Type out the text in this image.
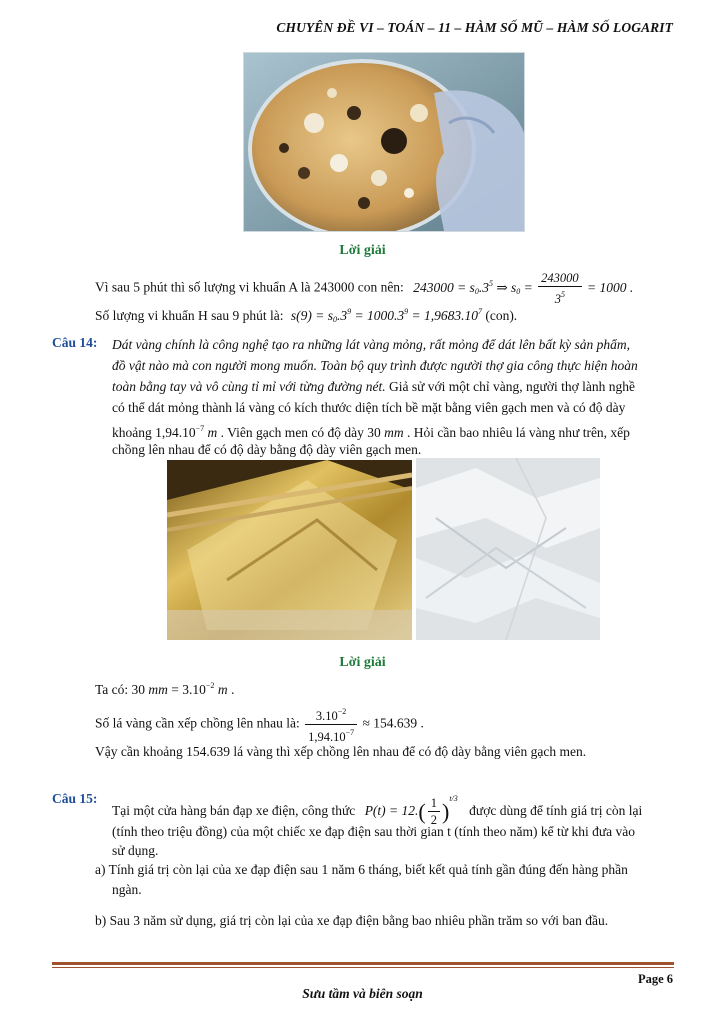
CHUYÊN ĐỀ VI – TOÁN – 11 – HÀM SỐ MŨ – HÀM SỐ LOGARIT
Lời giải
Vì sau 5 phút thì số lượng vi khuẩn A là 243000 con nên: $243000 = s_0.3^5$ ⇒ $s_0 = \frac{243000}{3^5} = 1000$ .
Số lượng vi khuẩn H sau 9 phút là: $s(9) = s_0.3^9 = 1000.3^9 = 1,9683.10^7$ (con).
Câu 14: Dát vàng chính là công nghệ tạo ra những lát vàng mỏng, rất mỏng để dát lên bất kỳ sản phẩm,
đồ vật nào mà con người mong muốn. Toàn bộ quy trình được người thợ gia công thực hiện hoàn
toàn bằng tay và vô cùng tỉ mỉ với từng đường nét. Giả sử với một chỉ vàng, người thợ lành nghề
có thể dát mỏng thành lá vàng có kích thước diện tích bề mặt bằng viên gạch men và có độ dày
khoảng $1,94.10^{-7}$ m . Viên gạch men có độ dày 30 mm . Hỏi cần bao nhiêu lá vàng như trên, xếp
chồng lên nhau để có độ dày bằng độ dày viên gạch men.
Lời giải
Ta có: 30 mm = $3.10^{-2}$ m .
Số lá vàng cần xếp chồng lên nhau là: $\frac{3.10^{-2}}{1,94.10^{-7}} \approx 154.639$ .
Vậy cần khoảng 154.639 lá vàng thì xếp chồng lên nhau để có độ dày bằng viên gạch men.
Câu 15:
Tại một cửa hàng bán đạp xe điện, công thức $P(t) = 12.( \frac{1}{2} )^{t/3}$ được dùng để tính giá trị còn lại
(tính theo triệu đồng) của một chiếc xe đạp điện sau thời gian t (tính theo năm) kể từ khi đưa vào
sử dụng.
a) Tính giá trị còn lại của xe đạp điện sau 1 năm 6 tháng, biết kết quả tính gần đúng đến hàng phần
ngàn.
b) Sau 3 năm sử dụng, giá trị còn lại của xe đạp điện bằng bao nhiêu phần trăm so với ban đầu.
Page 6
Sưu tầm và biên soạn
